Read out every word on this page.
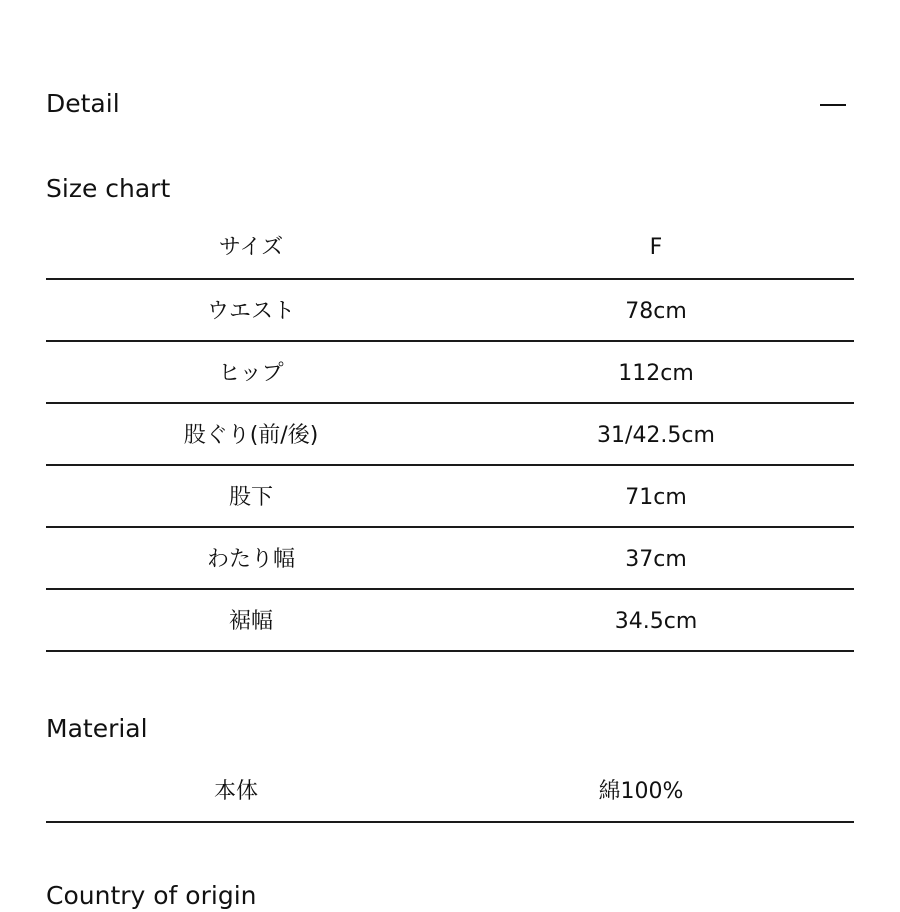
Detail
Size chart
サイズ	F
ウエスト	78cm
ヒップ	112cm
股ぐり(前/後)	31/42.5cm
股下	71cm
わたり幅	37cm
裾幅	34.5cm
Material
本体	綿100%
Country of origin
